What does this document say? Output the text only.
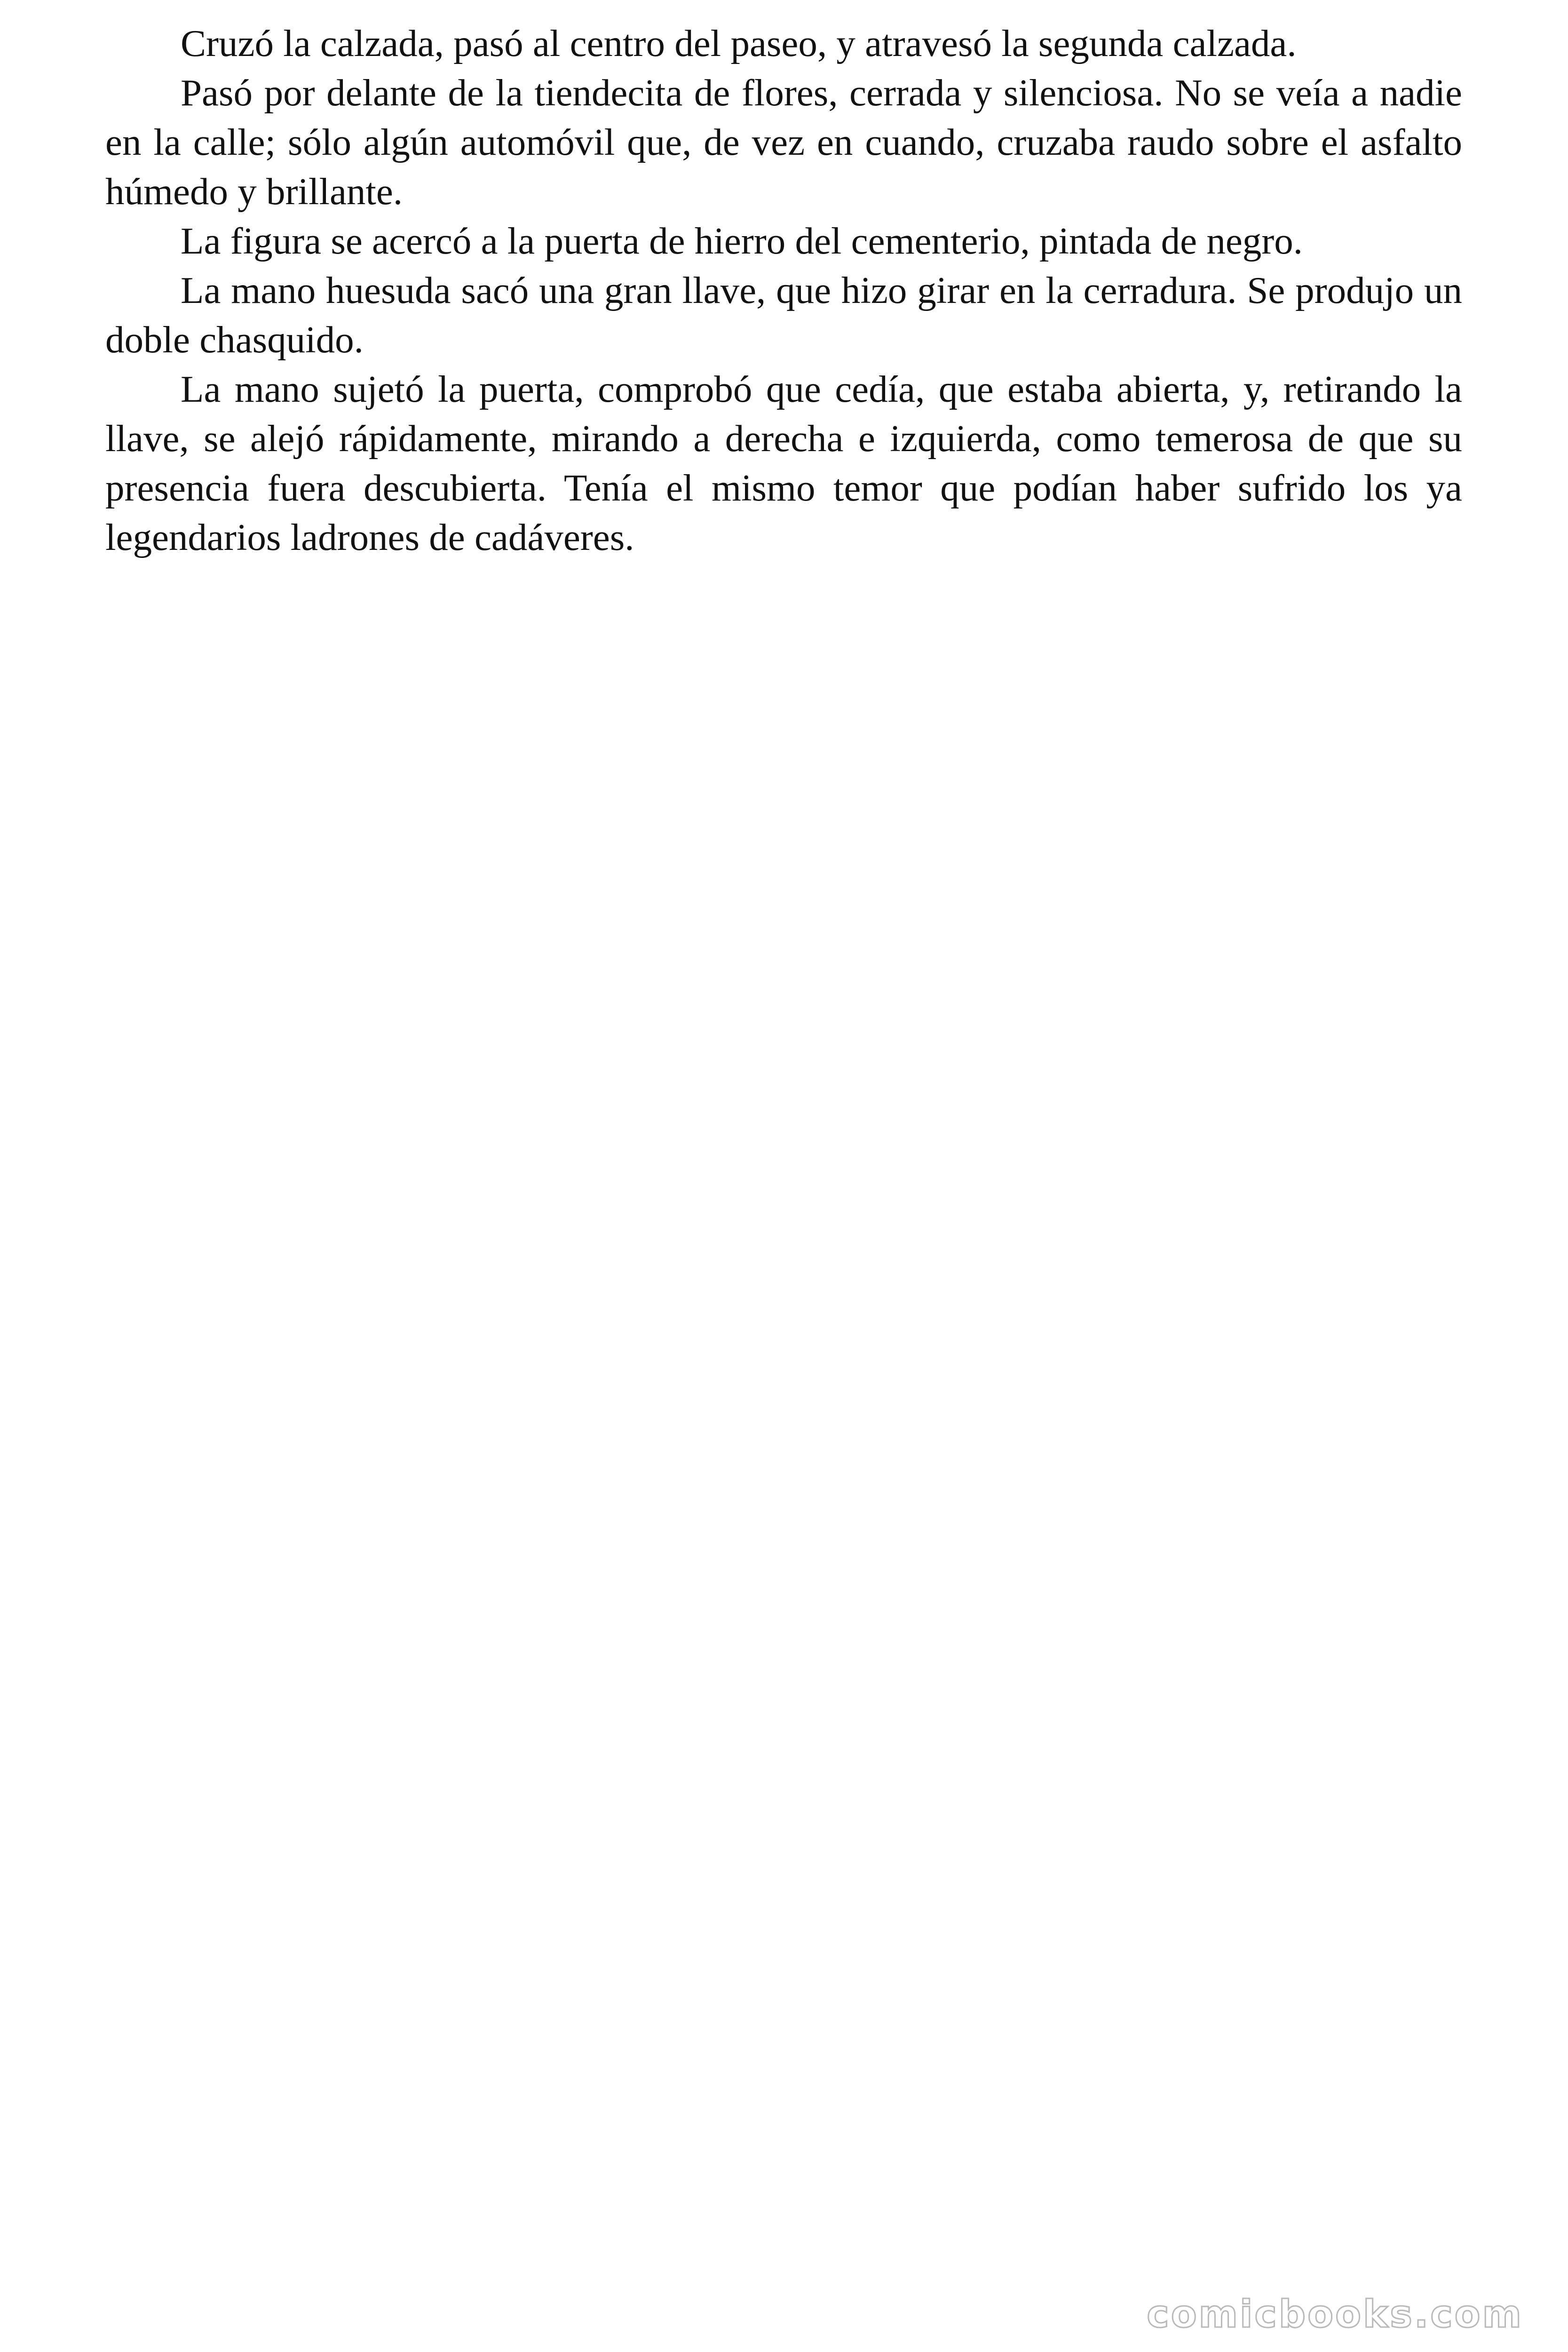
Cruzó la calzada, pasó al centro del paseo, y atravesó la segunda calzada.

Pasó por delante de la tiendecita de flores, cerrada y silenciosa. No se veía a nadie en la calle; sólo algún automóvil que, de vez en cuando, cruzaba raudo sobre el asfalto húmedo y brillante.

La figura se acercó a la puerta de hierro del cementerio, pintada de negro.

La mano huesuda sacó una gran llave, que hizo girar en la cerradura. Se produjo un doble chasquido.

La mano sujetó la puerta, comprobó que cedía, que estaba abierta, y, retirando la llave, se alejó rápidamente, mirando a derecha e izquierda, como temerosa de que su presencia fuera descubierta. Tenía el mismo temor que podían haber sufrido los ya legendarios ladrones de cadáveres.

comicbooks.com
